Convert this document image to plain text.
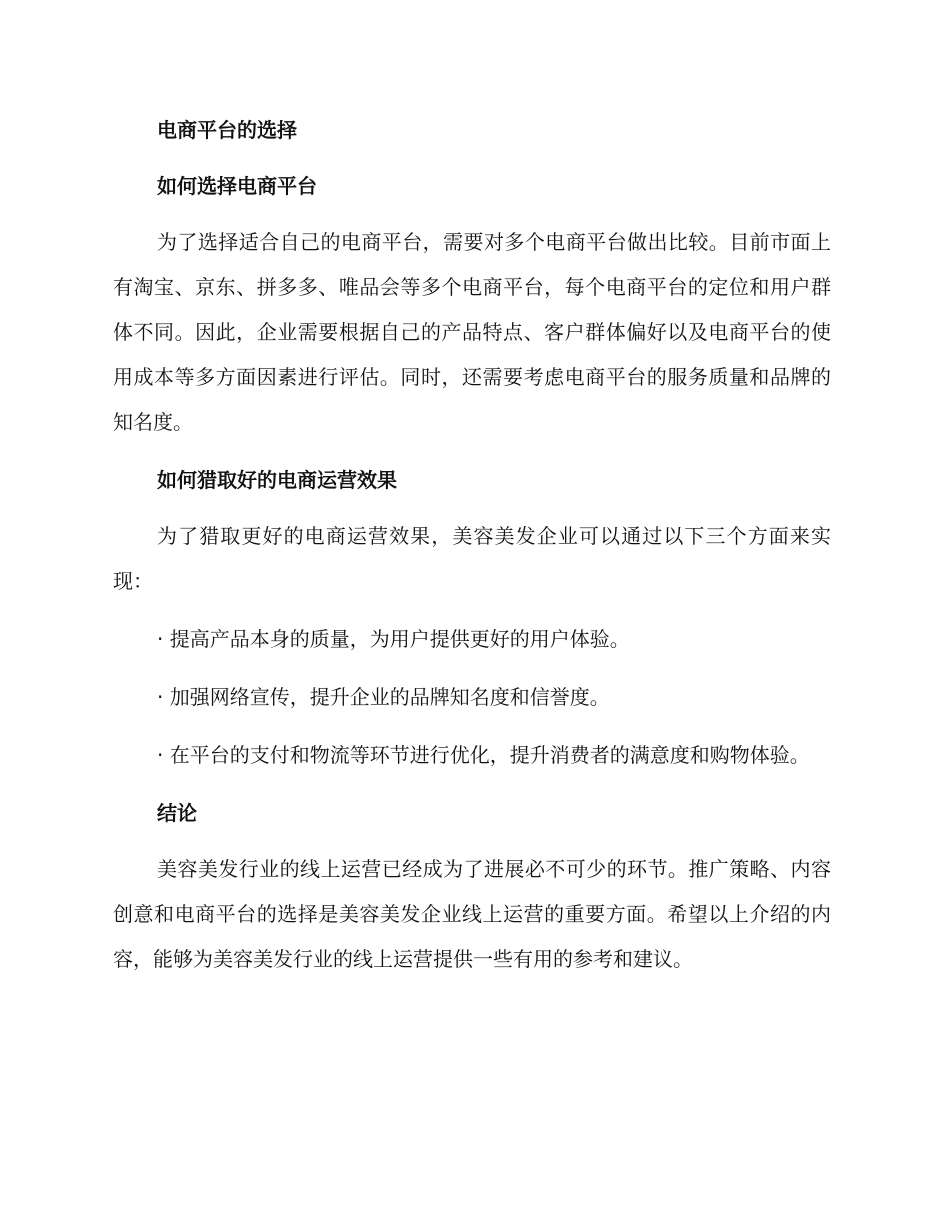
电商平台的选择
如何选择电商平台

为了选择适合自己的电商平台，需要对多个电商平台做出比较。目前市面上有淘宝、京东、拼多多、唯品会等多个电商平台，每个电商平台的定位和用户群体不同。因此，企业需要根据自己的产品特点、客户群体偏好以及电商平台的使用成本等多方面因素进行评估。同时，还需要考虑电商平台的服务质量和品牌的知名度。

如何猎取好的电商运营效果

为了猎取更好的电商运营效果，美容美发企业可以通过以下三个方面来实现：

· 提高产品本身的质量，为用户提供更好的用户体验。

· 加强网络宣传，提升企业的品牌知名度和信誉度。

· 在平台的支付和物流等环节进行优化，提升消费者的满意度和购物体验。

结论

美容美发行业的线上运营已经成为了进展必不可少的环节。推广策略、内容创意和电商平台的选择是美容美发企业线上运营的重要方面。希望以上介绍的内容，能够为美容美发行业的线上运营提供一些有用的参考和建议。
